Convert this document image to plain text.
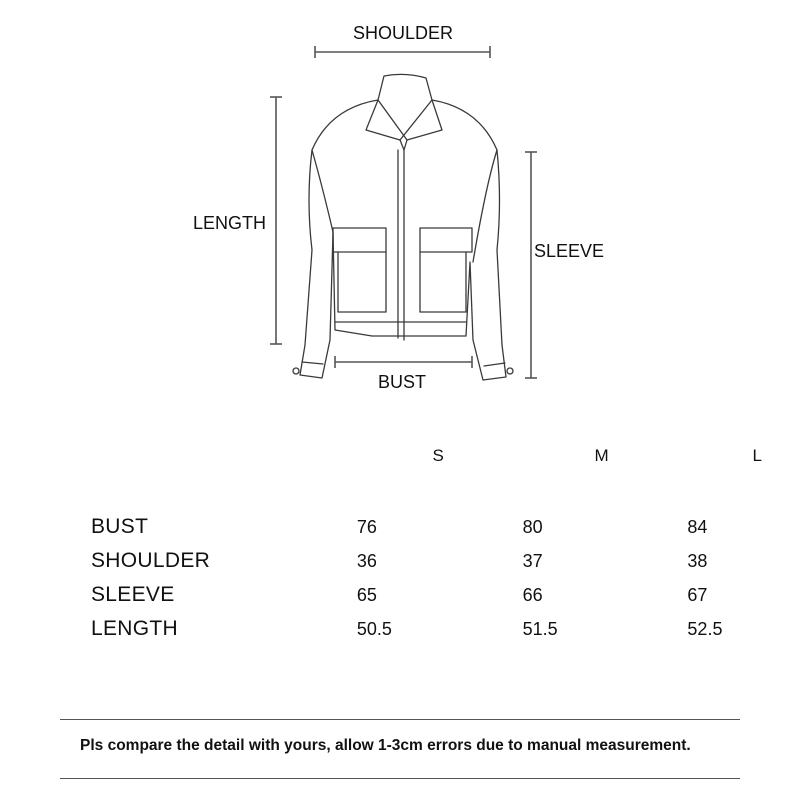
SHOULDER
LENGTH
SLEEVE
BUST
	S	M	L
BUST	76	80	84
SHOULDER	36	37	38
SLEEVE	65	66	67
LENGTH	50.5	51.5	52.5
Pls compare the detail with yours, allow 1-3cm errors due to manual measurement.
